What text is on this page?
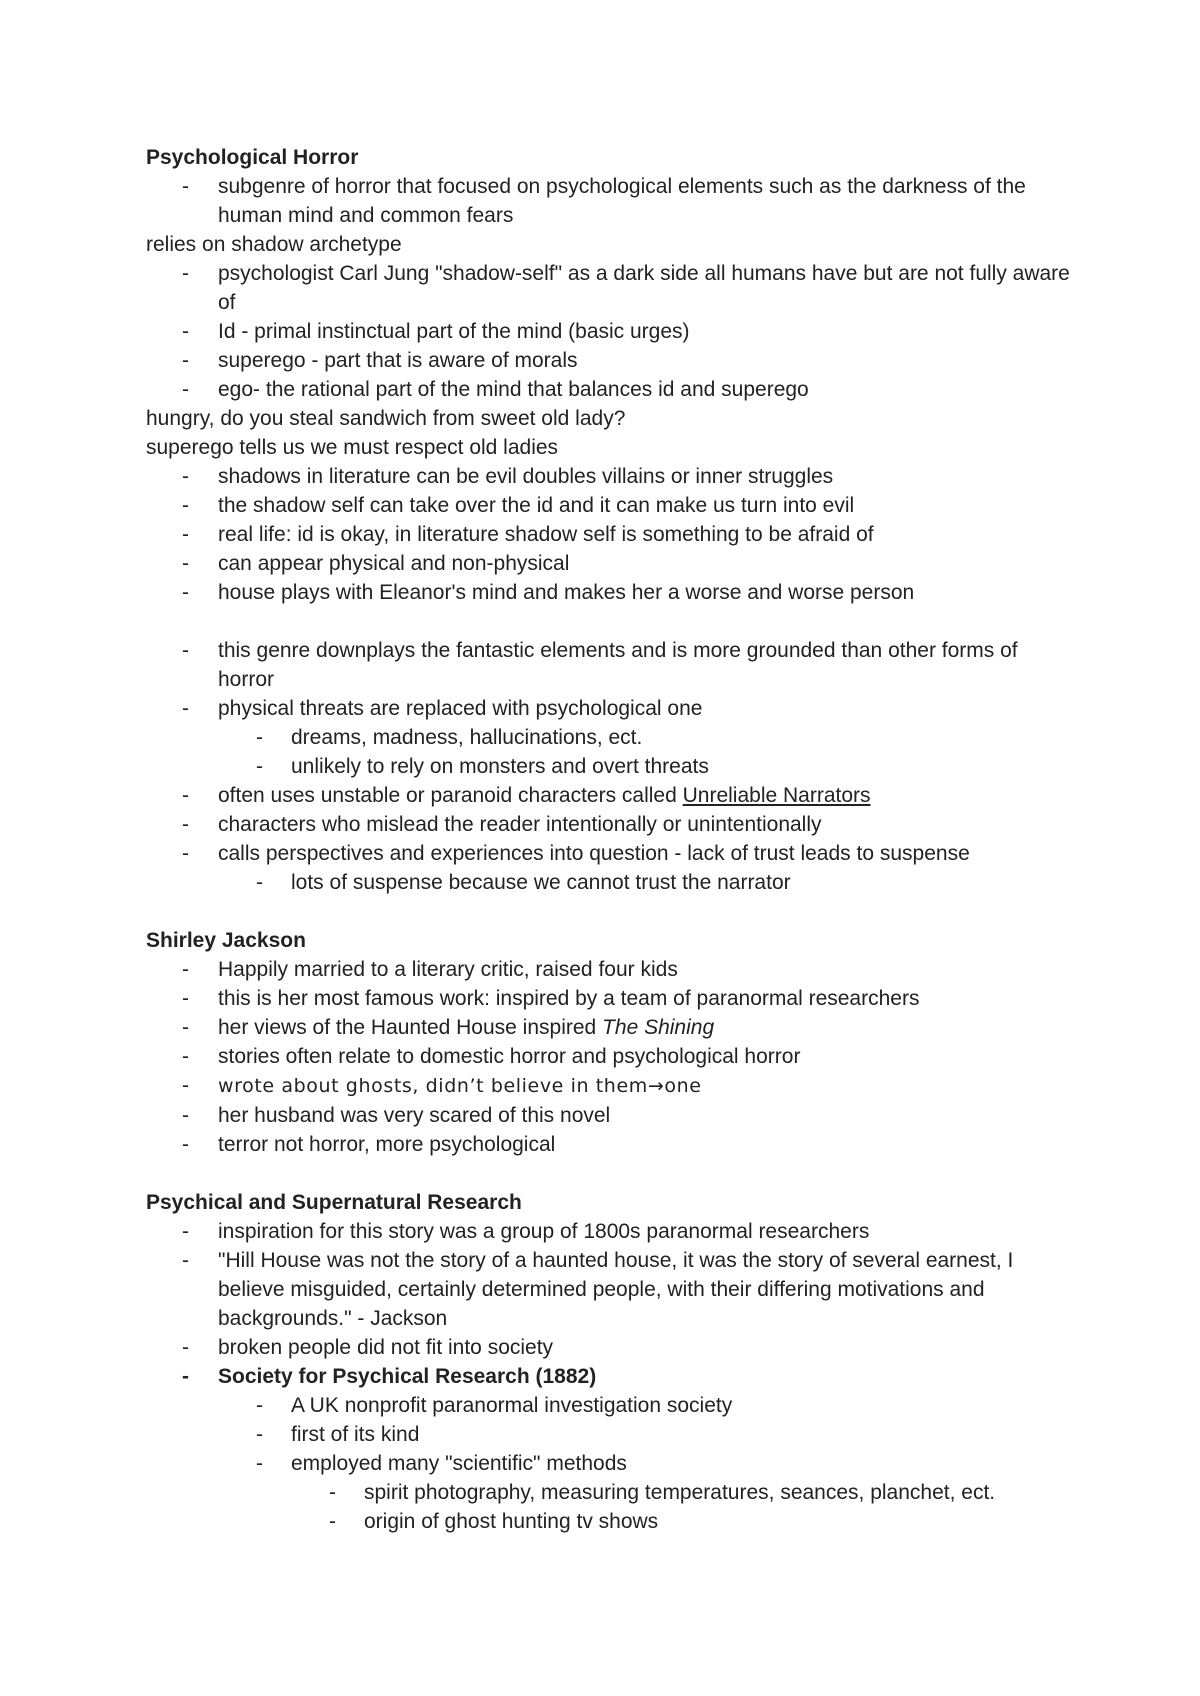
Psychological Horror
- subgenre of horror that focused on psychological elements such as the darkness of the human mind and common fears
relies on shadow archetype
- psychologist Carl Jung "shadow-self" as a dark side all humans have but are not fully aware of
- Id - primal instinctual part of the mind (basic urges)
- superego - part that is aware of morals
- ego- the rational part of the mind that balances id and superego
hungry, do you steal sandwich from sweet old lady?
superego tells us we must respect old ladies
- shadows in literature can be evil doubles villains or inner struggles
- the shadow self can take over the id and it can make us turn into evil
- real life: id is okay, in literature shadow self is something to be afraid of
- can appear physical and non-physical
- house plays with Eleanor's mind and makes her a worse and worse person
- this genre downplays the fantastic elements and is more grounded than other forms of horror
- physical threats are replaced with psychological one
- dreams, madness, hallucinations, ect.
- unlikely to rely on monsters and overt threats
- often uses unstable or paranoid characters called Unreliable Narrators
- characters who mislead the reader intentionally or unintentionally
- calls perspectives and experiences into question - lack of trust leads to suspense
- lots of suspense because we cannot trust the narrator
Shirley Jackson
- Happily married to a literary critic, raised four kids
- this is her most famous work: inspired by a team of paranormal researchers
- her views of the Haunted House inspired The Shining
- stories often relate to domestic horror and psychological horror
- wrote about ghosts, didn’t believe in them→one
- her husband was very scared of this novel
- terror not horror, more psychological
Psychical and Supernatural Research
- inspiration for this story was a group of 1800s paranormal researchers
- "Hill House was not the story of a haunted house, it was the story of several earnest, I believe misguided, certainly determined people, with their differing motivations and backgrounds." - Jackson
- broken people did not fit into society
- Society for Psychical Research (1882)
- A UK nonprofit paranormal investigation society
- first of its kind
- employed many "scientific" methods
- spirit photography, measuring temperatures, seances, planchet, ect.
- origin of ghost hunting tv shows
